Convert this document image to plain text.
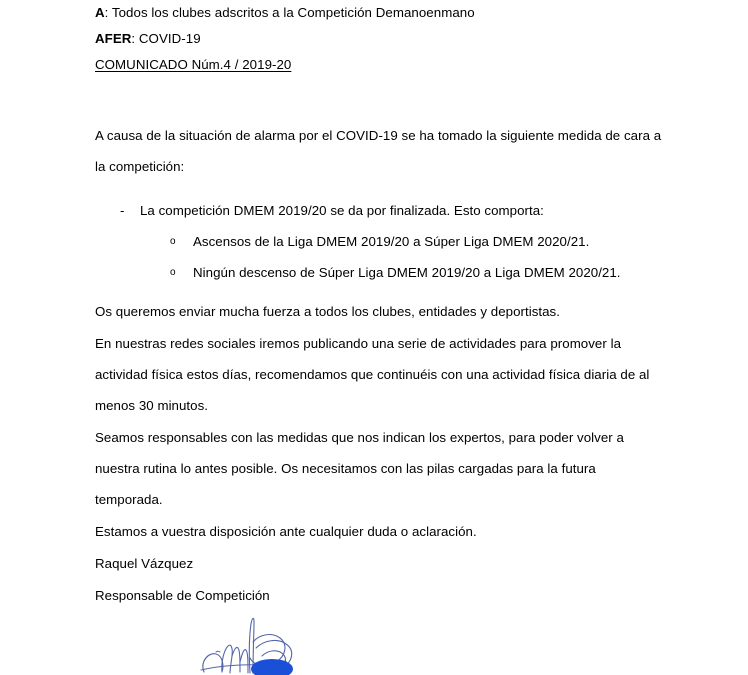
A: Todos los clubes adscritos a la Competición Demanoenmano
AFER: COVID-19
COMUNICADO Núm.4 / 2019-20

A causa de la situación de alarma por el COVID-19 se ha tomado la siguiente medida de cara a la competición:

- La competición DMEM 2019/20 se da por finalizada. Esto comporta:
o Ascensos de la Liga DMEM 2019/20 a Súper Liga DMEM 2020/21.
o Ningún descenso de Súper Liga DMEM 2019/20 a Liga DMEM 2020/21.

Os queremos enviar mucha fuerza a todos los clubes, entidades y deportistas.

En nuestras redes sociales iremos publicando una serie de actividades para promover la actividad física estos días, recomendamos que continuéis con una actividad física diaria de al menos 30 minutos.

Seamos responsables con las medidas que nos indican los expertos, para poder volver a nuestra rutina lo antes posible. Os necesitamos con las pilas cargadas para la futura temporada.

Estamos a vuestra disposición ante cualquier duda o aclaración.

Raquel Vázquez

Responsable de Competición
